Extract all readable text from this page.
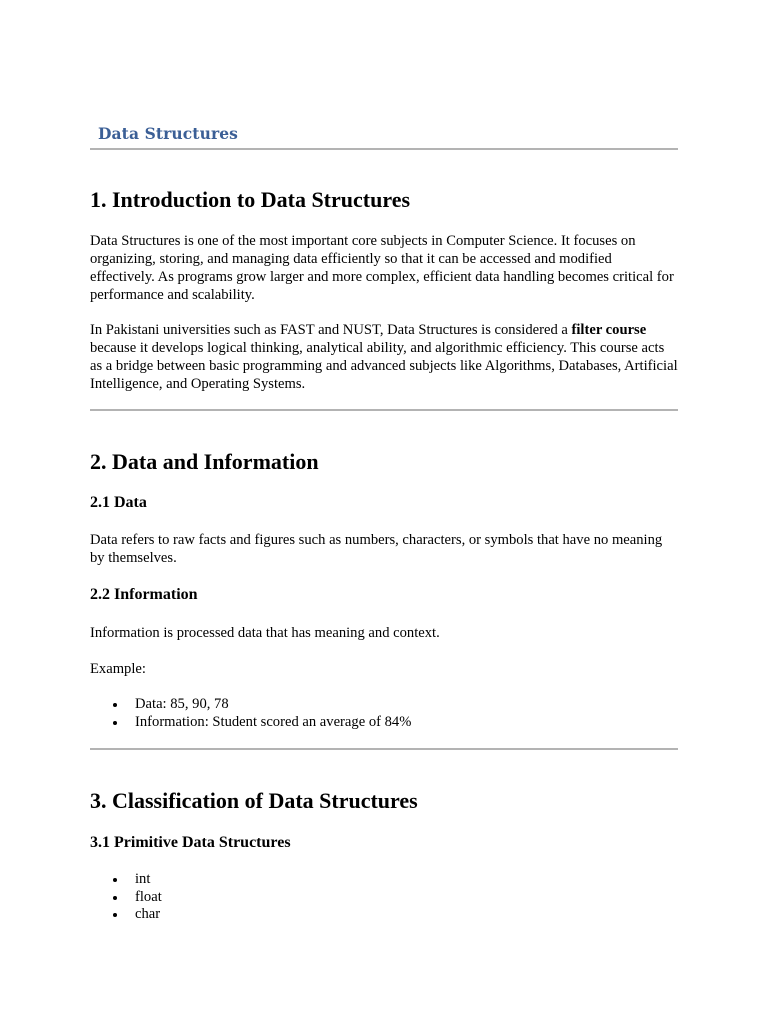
Data Structures
1. Introduction to Data Structures

Data Structures is one of the most important core subjects in Computer Science. It focuses on organizing, storing, and managing data efficiently so that it can be accessed and modified effectively. As programs grow larger and more complex, efficient data handling becomes critical for performance and scalability.

In Pakistani universities such as FAST and NUST, Data Structures is considered a filter course because it develops logical thinking, analytical ability, and algorithmic efficiency. This course acts as a bridge between basic programming and advanced subjects like Algorithms, Databases, Artificial Intelligence, and Operating Systems.

2. Data and Information
2.1 Data

Data refers to raw facts and figures such as numbers, characters, or symbols that have no meaning by themselves.

2.2 Information

Information is processed data that has meaning and context.

Example:

Data: 85, 90, 78
Information: Student scored an average of 84%
3. Classification of Data Structures
3.1 Primitive Data Structures
int
float
char
